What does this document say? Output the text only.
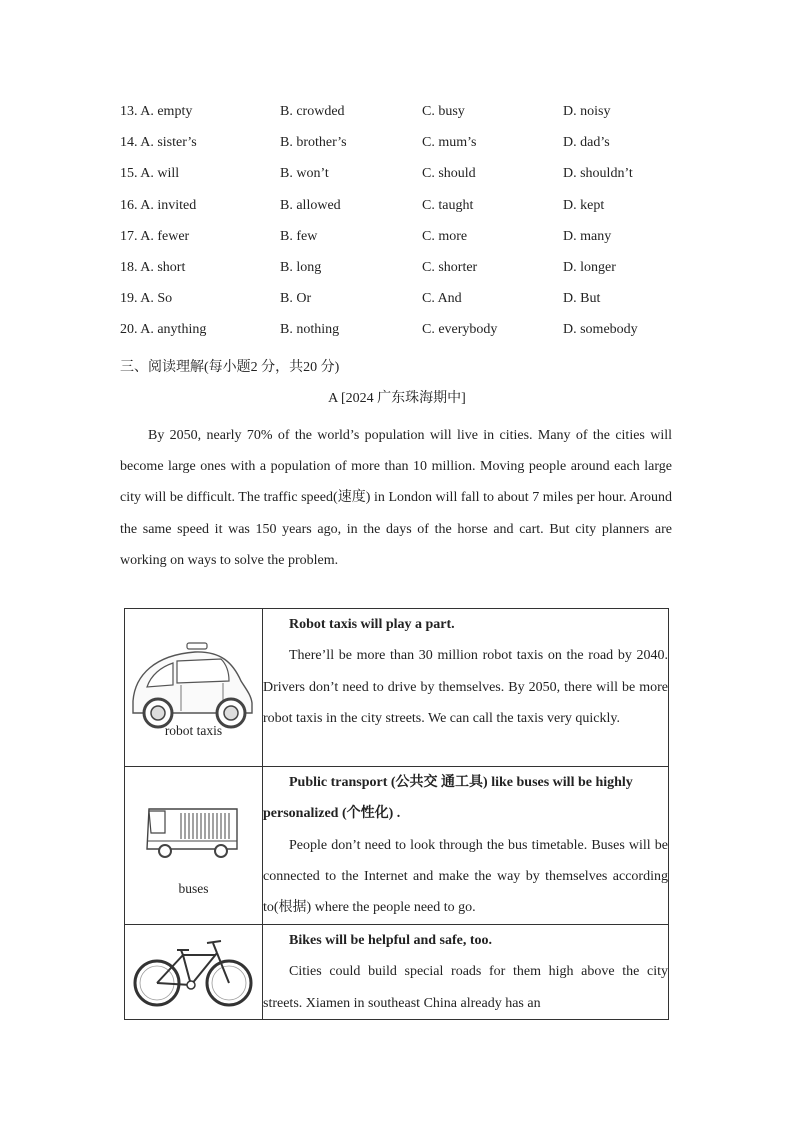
13. A. empty	B. crowded	C. busy	D. noisy
14. A. sister’s	B. brother’s	C. mum’s	D. dad’s
15. A. will	B. won’t	C. should	D. shouldn’t
16. A. invited	B. allowed	C. taught	D. kept
17. A. fewer	B. few	C. more	D. many
18. A. short	B. long	C. shorter	D. longer
19. A. So	B. Or	C. And	D. But
20. A. anything	B. nothing	C. everybody	D. somebody
三、阅读理解(每小题2 分，共20 分)
A [2024 广东珠海期中]

By 2050, nearly 70% of the world’s population will live in cities. Many of the cities will become large ones with a population of more than 10 million. Moving people around each large city will be difficult. The traffic speed(速度) in London will fall to about 7 miles per hour. Around the same speed it was 150 years ago, in the days of the horse and cart. But city planners are working on ways to solve the problem.

robot taxis	Robot taxis will play a part.

There’ll be more than 30 million robot taxis on the road by 2040. Drivers don’t need to drive by themselves. By 2050, there will be more robot taxis in the city streets. We can call the taxis very quickly.

buses	Public transport (公共交 通工具) like buses will be highly personalized (个性化) .

People don’t need to look through the bus timetable. Buses will be connected to the Internet and make the way by themselves according to(根据) where the people need to go.

Bikes will be helpful and safe, too.

Cities could build special roads for them high above the city streets. Xiamen in southeast China already has an
